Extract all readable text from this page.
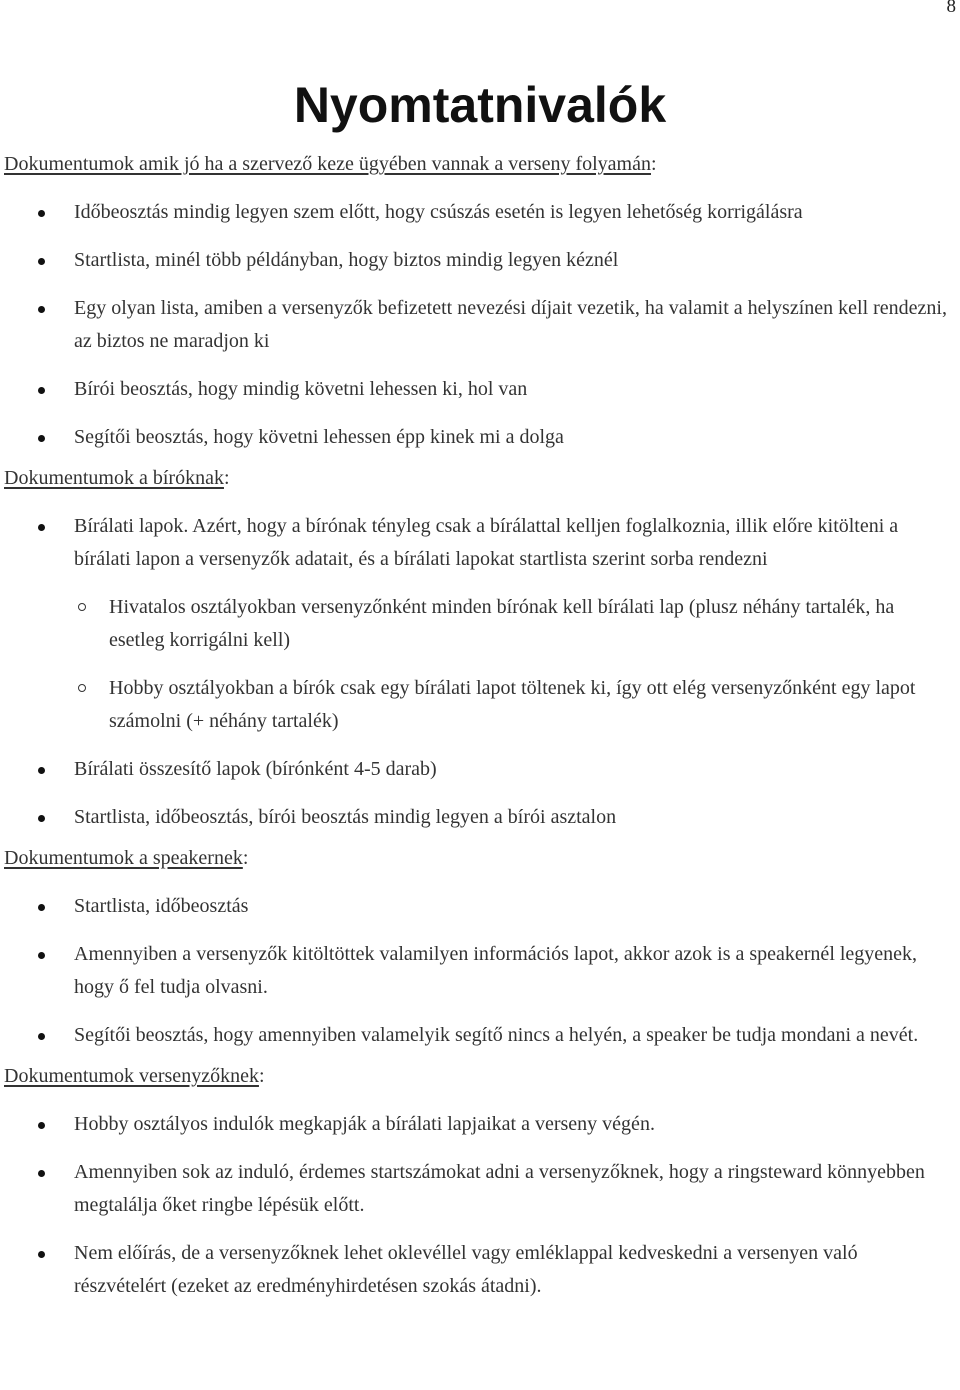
8
Nyomtatnivalók

Dokumentumok amik jó ha a szervező keze ügyében vannak a verseny folyamán:

Időbeosztás mindig legyen szem előtt, hogy csúszás esetén is legyen lehetőség korrigálásra
Startlista, minél több példányban, hogy biztos mindig legyen kéznél
Egy olyan lista, amiben a versenyzők befizetett nevezési díjait vezetik, ha valamit a helyszínen kell rendezni, az biztos ne maradjon ki
Bírói beosztás, hogy mindig követni lehessen ki, hol van
Segítői beosztás, hogy követni lehessen épp kinek mi a dolga

Dokumentumok a bíróknak:

Bírálati lapok. Azért, hogy a bírónak tényleg csak a bírálattal kelljen foglalkoznia, illik előre kitölteni a bírálati lapon a versenyzők adatait, és a bírálati lapokat startlista szerint sorba rendezni
Hivatalos osztályokban versenyzőnként minden bírónak kell bírálati lap (plusz néhány tartalék, ha esetleg korrigálni kell)
Hobby osztályokban a bírók csak egy bírálati lapot töltenek ki, így ott elég versenyzőnként egy lapot számolni (+ néhány tartalék)
Bírálati összesítő lapok (bírónként 4-5 darab)
Startlista, időbeosztás, bírói beosztás mindig legyen a bírói asztalon

Dokumentumok a speakernek:

Startlista, időbeosztás
Amennyiben a versenyzők kitöltöttek valamilyen információs lapot, akkor azok is a speakernél legyenek, hogy ő fel tudja olvasni.
Segítői beosztás, hogy amennyiben valamelyik segítő nincs a helyén, a speaker be tudja mondani a nevét.

Dokumentumok versenyzőknek:

Hobby osztályos indulók megkapják a bírálati lapjaikat a verseny végén.
Amennyiben sok az induló, érdemes startszámokat adni a versenyzőknek, hogy a ringsteward könnyebben megtalálja őket ringbe lépésük előtt.
Nem előírás, de a versenyzőknek lehet oklevéllel vagy emléklappal kedveskedni a versenyen való részvételért (ezeket az eredményhirdetésen szokás átadni).
